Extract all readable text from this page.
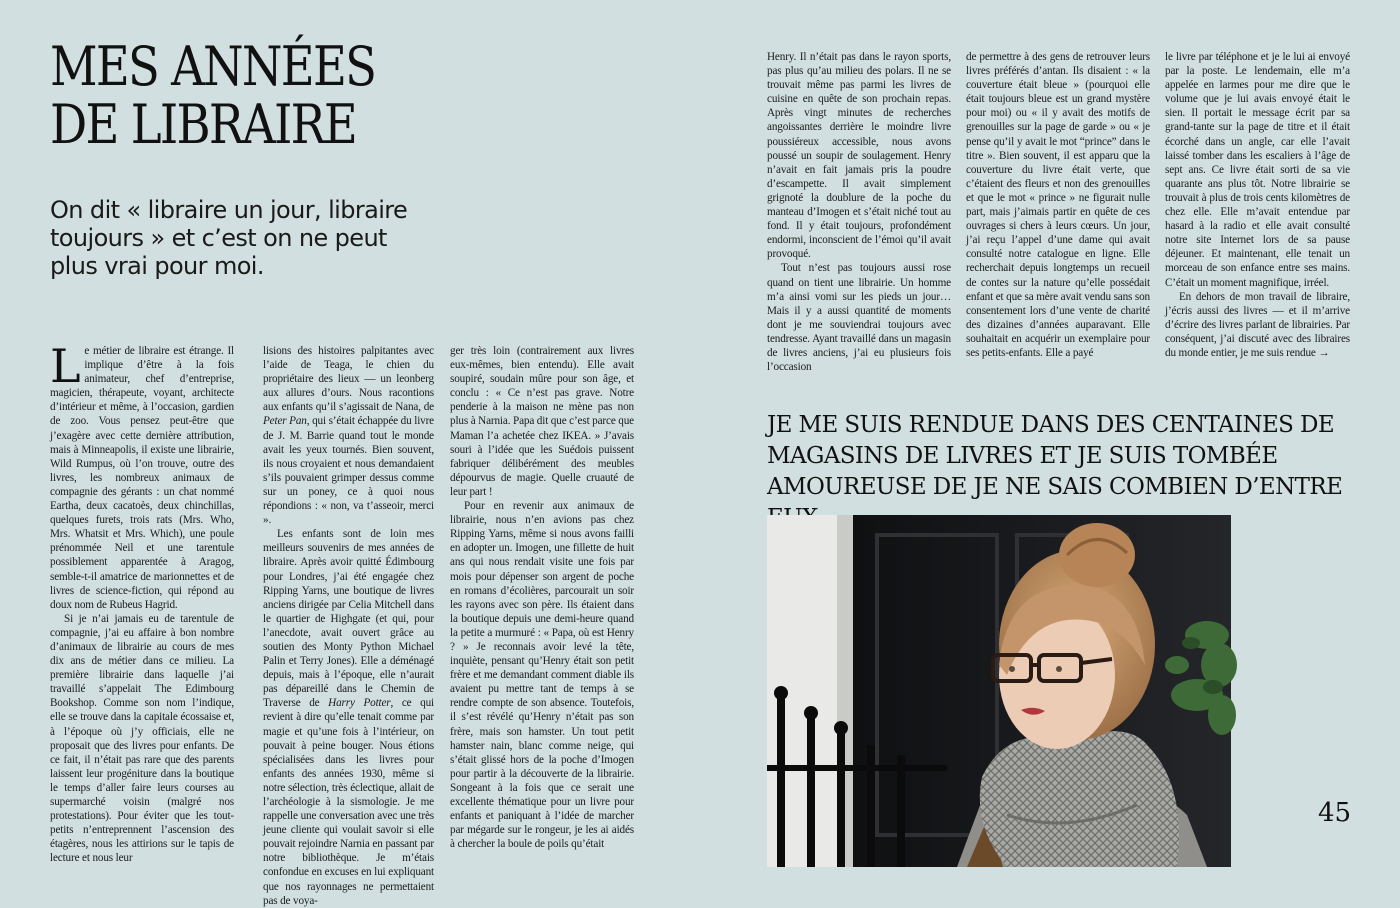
MES ANNÉES
DE LIBRAIRE

On dit « libraire un jour, libraire toujours » et c’est on ne peut plus vrai pour moi.

Le métier de libraire est étrange. Il implique d’être à la fois animateur, chef d’entreprise, magicien, thérapeute, voyant, architecte d’intérieur et même, à l’occasion, gardien de zoo. Vous pensez peut-être que j’exagère avec cette dernière attribution, mais à Minneapolis, il existe une librairie, Wild Rumpus, où l’on trouve, outre des livres, les nombreux animaux de compagnie des gérants : un chat nommé Eartha, deux cacatoès, deux chinchillas, quelques furets, trois rats (Mrs. Who, Mrs. Whatsit et Mrs. Which), une poule prénommée Neil et une tarentule possiblement apparentée à Aragog, semble-t-il amatrice de marionnettes et de livres de science-fiction, qui répond au doux nom de Rubeus Hagrid.

Si je n’ai jamais eu de tarentule de compagnie, j’ai eu affaire à bon nombre d’animaux de librairie au cours de mes dix ans de métier dans ce milieu. La première librairie dans laquelle j’ai travaillé s’appelait The Edimbourg Bookshop. Comme son nom l’indique, elle se trouve dans la capitale écossaise et, à l’époque où j’y officiais, elle ne proposait que des livres pour enfants. De ce fait, il n’était pas rare que des parents laissent leur progéniture dans la boutique le temps d’aller faire leurs courses au supermarché voisin (malgré nos protestations). Pour éviter que les tout-petits n’entreprennent l’ascension des étagères, nous les attirions sur le tapis de lecture et nous leur

lisions des histoires palpitantes avec l’aide de Teaga, le chien du propriétaire des lieux — un leonberg aux allures d’ours. Nous racontions aux enfants qu’il s’agissait de Nana, de Peter Pan, qui s’était échappée du livre de J. M. Barrie quand tout le monde avait les yeux tournés. Bien souvent, ils nous croyaient et nous demandaient s’ils pouvaient grimper dessus comme sur un poney, ce à quoi nous répondions : « non, va t’asseoir, merci ».

Les enfants sont de loin mes meilleurs souvenirs de mes années de libraire. Après avoir quitté Édimbourg pour Londres, j’ai été engagée chez Ripping Yarns, une boutique de livres anciens dirigée par Celia Mitchell dans le quartier de Highgate (et qui, pour l’anecdote, avait ouvert grâce au soutien des Monty Python Michael Palin et Terry Jones). Elle a déménagé depuis, mais à l’époque, elle n’aurait pas dépareillé dans le Chemin de Traverse de Harry Potter, ce qui revient à dire qu’elle tenait comme par magie et qu’une fois à l’intérieur, on pouvait à peine bouger. Nous étions spécialisées dans les livres pour enfants des années 1930, même si notre sélection, très éclectique, allait de l’archéologie à la sismologie. Je me rappelle une conversation avec une très jeune cliente qui voulait savoir si elle pouvait rejoindre Narnia en passant par notre bibliothèque. Je m’étais confondue en excuses en lui expliquant que nos rayonnages ne permettaient pas de voya-

ger très loin (contrairement aux livres eux-mêmes, bien entendu). Elle avait soupiré, soudain mûre pour son âge, et conclu : « Ce n’est pas grave. Notre penderie à la maison ne mène pas non plus à Narnia. Papa dit que c’est parce que Maman l’a achetée chez IKEA. » J’avais souri à l’idée que les Suédois puissent fabriquer délibérément des meubles dépourvus de magie. Quelle cruauté de leur part !

Pour en revenir aux animaux de librairie, nous n’en avions pas chez Ripping Yarns, même si nous avons failli en adopter un. Imogen, une fillette de huit ans qui nous rendait visite une fois par mois pour dépenser son argent de poche en romans d’écolières, parcourait un soir les rayons avec son père. Ils étaient dans la boutique depuis une demi-heure quand la petite a murmuré : « Papa, où est Henry ? » Je reconnais avoir levé la tête, inquiète, pensant qu’Henry était son petit frère et me demandant comment diable ils avaient pu mettre tant de temps à se rendre compte de son absence. Toutefois, il s’est révélé qu’Henry n’était pas son frère, mais son hamster. Un tout petit hamster nain, blanc comme neige, qui s’était glissé hors de la poche d’Imogen pour partir à la découverte de la librairie. Songeant à la fois que ce serait une excellente thématique pour un livre pour enfants et paniquant à l’idée de marcher par mégarde sur le rongeur, je les ai aidés à chercher la boule de poils qu’était

Henry. Il n’était pas dans le rayon sports, pas plus qu’au milieu des polars. Il ne se trouvait même pas parmi les livres de cuisine en quête de son prochain repas. Après vingt minutes de recherches angoissantes derrière le moindre livre poussiéreux accessible, nous avons poussé un soupir de soulagement. Henry n’avait en fait jamais pris la poudre d’escampette. Il avait simplement grignoté la doublure de la poche du manteau d’Imogen et s’était niché tout au fond. Il y était toujours, profondément endormi, inconscient de l’émoi qu’il avait provoqué.

Tout n’est pas toujours aussi rose quand on tient une librairie. Un homme m’a ainsi vomi sur les pieds un jour… Mais il y a aussi quantité de moments dont je me souviendrai toujours avec tendresse. Ayant travaillé dans un magasin de livres anciens, j’ai eu plusieurs fois l’occasion

de permettre à des gens de retrouver leurs livres préférés d’antan. Ils disaient : « la couverture était bleue » (pourquoi elle était toujours bleue est un grand mystère pour moi) ou « il y avait des motifs de grenouilles sur la page de garde » ou « je pense qu’il y avait le mot “prince” dans le titre ». Bien souvent, il est apparu que la couverture du livre était verte, que c’étaient des fleurs et non des grenouilles et que le mot « prince » ne figurait nulle part, mais j’aimais partir en quête de ces ouvrages si chers à leurs cœurs. Un jour, j’ai reçu l’appel d’une dame qui avait consulté notre catalogue en ligne. Elle recherchait depuis longtemps un recueil de contes sur la nature qu’elle possédait enfant et que sa mère avait vendu sans son consentement lors d’une vente de charité des dizaines d’années auparavant. Elle souhaitait en acquérir un exemplaire pour ses petits-enfants. Elle a payé

le livre par téléphone et je le lui ai envoyé par la poste. Le lendemain, elle m’a appelée en larmes pour me dire que le volume que je lui avais envoyé était le sien. Il portait le message écrit par sa grand-tante sur la page de titre et il était écorché dans un angle, car elle l’avait laissé tomber dans les escaliers à l’âge de sept ans. Ce livre était sorti de sa vie quarante ans plus tôt. Notre librairie se trouvait à plus de trois cents kilomètres de chez elle. Elle m’avait entendue par hasard à la radio et elle avait consulté notre site Internet lors de sa pause déjeuner. Et maintenant, elle tenait un morceau de son enfance entre ses mains. C’était un moment magnifique, irréel.

En dehors de mon travail de libraire, j’écris aussi des livres — et il m’arrive d’écrire des livres parlant de librairies. Par conséquent, j’ai discuté avec des libraires du monde entier, je me suis rendue →

JE ME SUIS RENDUE DANS DES CENTAINES DE MAGASINS DE LIVRES ET JE SUIS TOMBÉE AMOUREUSE DE JE NE SAIS COMBIEN D’ENTRE
45
